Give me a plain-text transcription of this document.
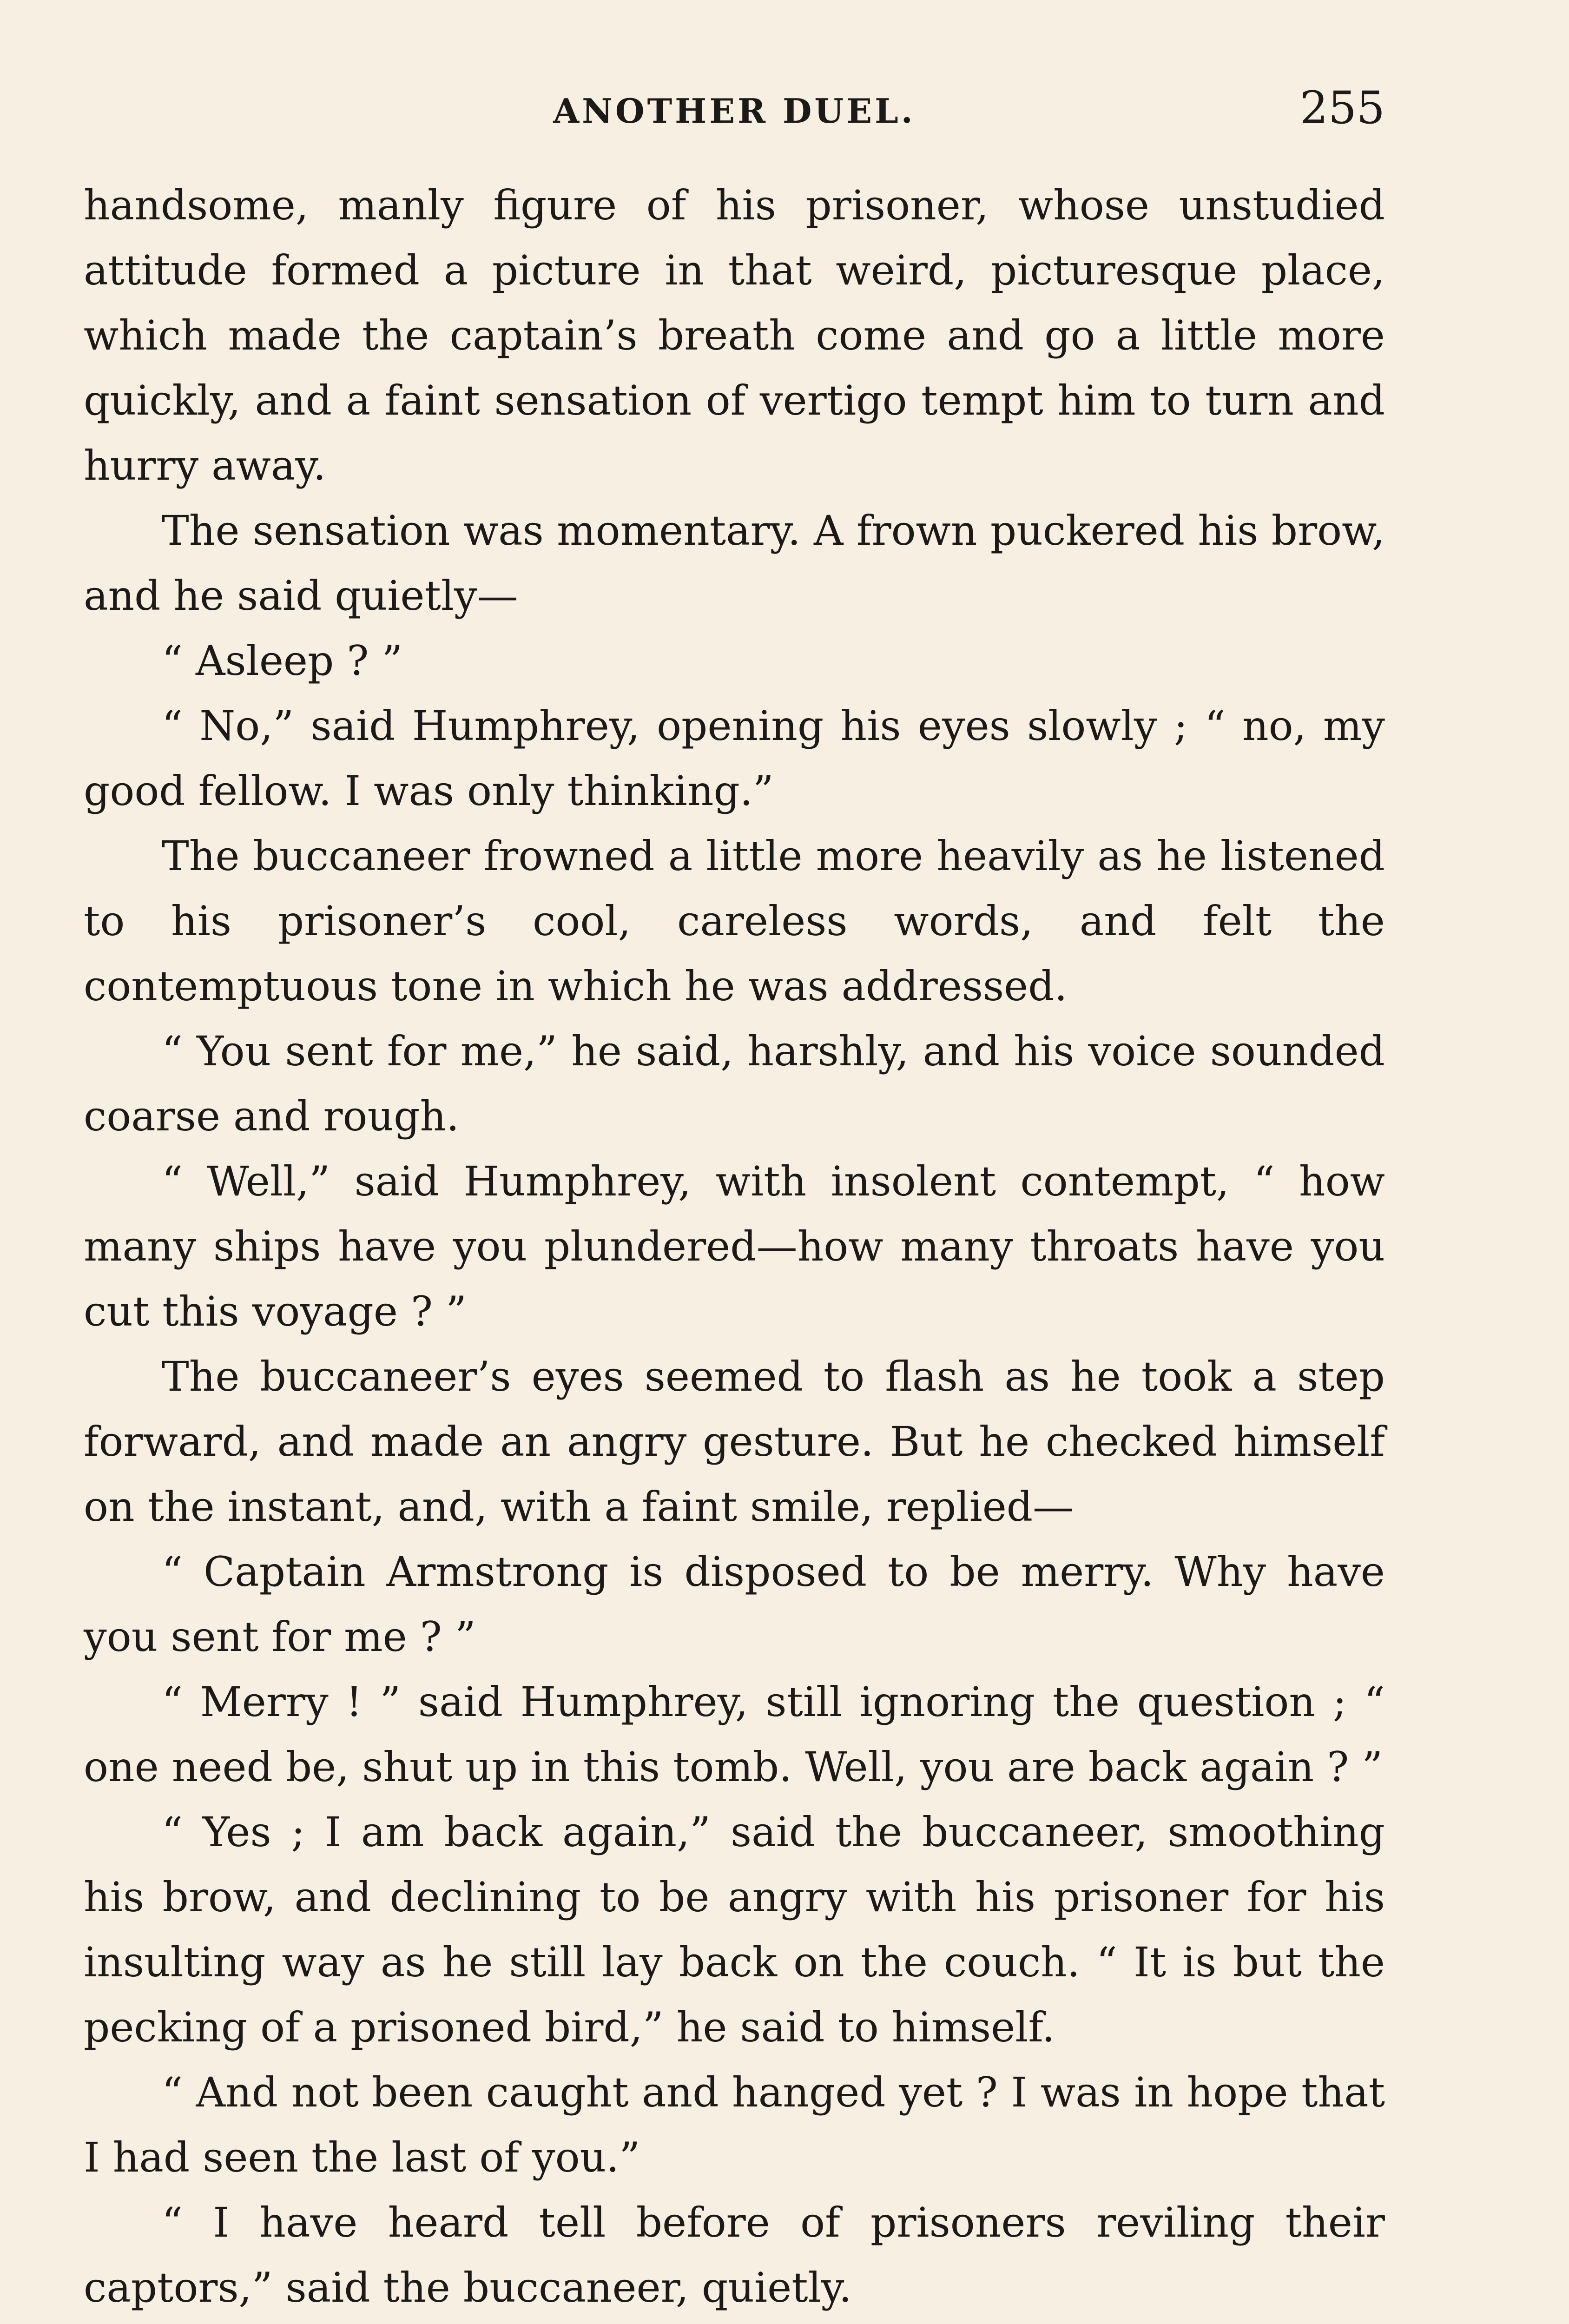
ANOTHER DUEL.	255

handsome, manly figure of his prisoner, whose unstudied attitude formed a picture in that weird, picturesque place, which made the captain’s breath come and go a little more quickly, and a faint sensation of vertigo tempt him to turn and hurry away.

The sensation was momentary. A frown puckered his brow, and he said quietly—

“ Asleep ? ”

“ No,” said Humphrey, opening his eyes slowly ; “ no, my good fellow. I was only thinking.”

The buccaneer frowned a little more heavily as he listened to his prisoner’s cool, careless words, and felt the contemptuous tone in which he was addressed.

“ You sent for me,” he said, harshly, and his voice sounded coarse and rough.

“ Well,” said Humphrey, with insolent contempt, “ how many ships have you plundered—how many throats have you cut this voyage ? ”

The buccaneer’s eyes seemed to flash as he took a step forward, and made an angry gesture. But he checked himself on the instant, and, with a faint smile, replied—

“ Captain Armstrong is disposed to be merry. Why have you sent for me ? ”

“ Merry ! ” said Humphrey, still ignoring the question ; “ one need be, shut up in this tomb. Well, you are back again ? ”

“ Yes ; I am back again,” said the buccaneer, smoothing his brow, and declining to be angry with his prisoner for his insulting way as he still lay back on the couch. “ It is but the pecking of a prisoned bird,” he said to himself.

“ And not been caught and hanged yet ? I was in hope that I had seen the last of you.”

“ I have heard tell before of prisoners reviling their captors,” said the buccaneer, quietly.
